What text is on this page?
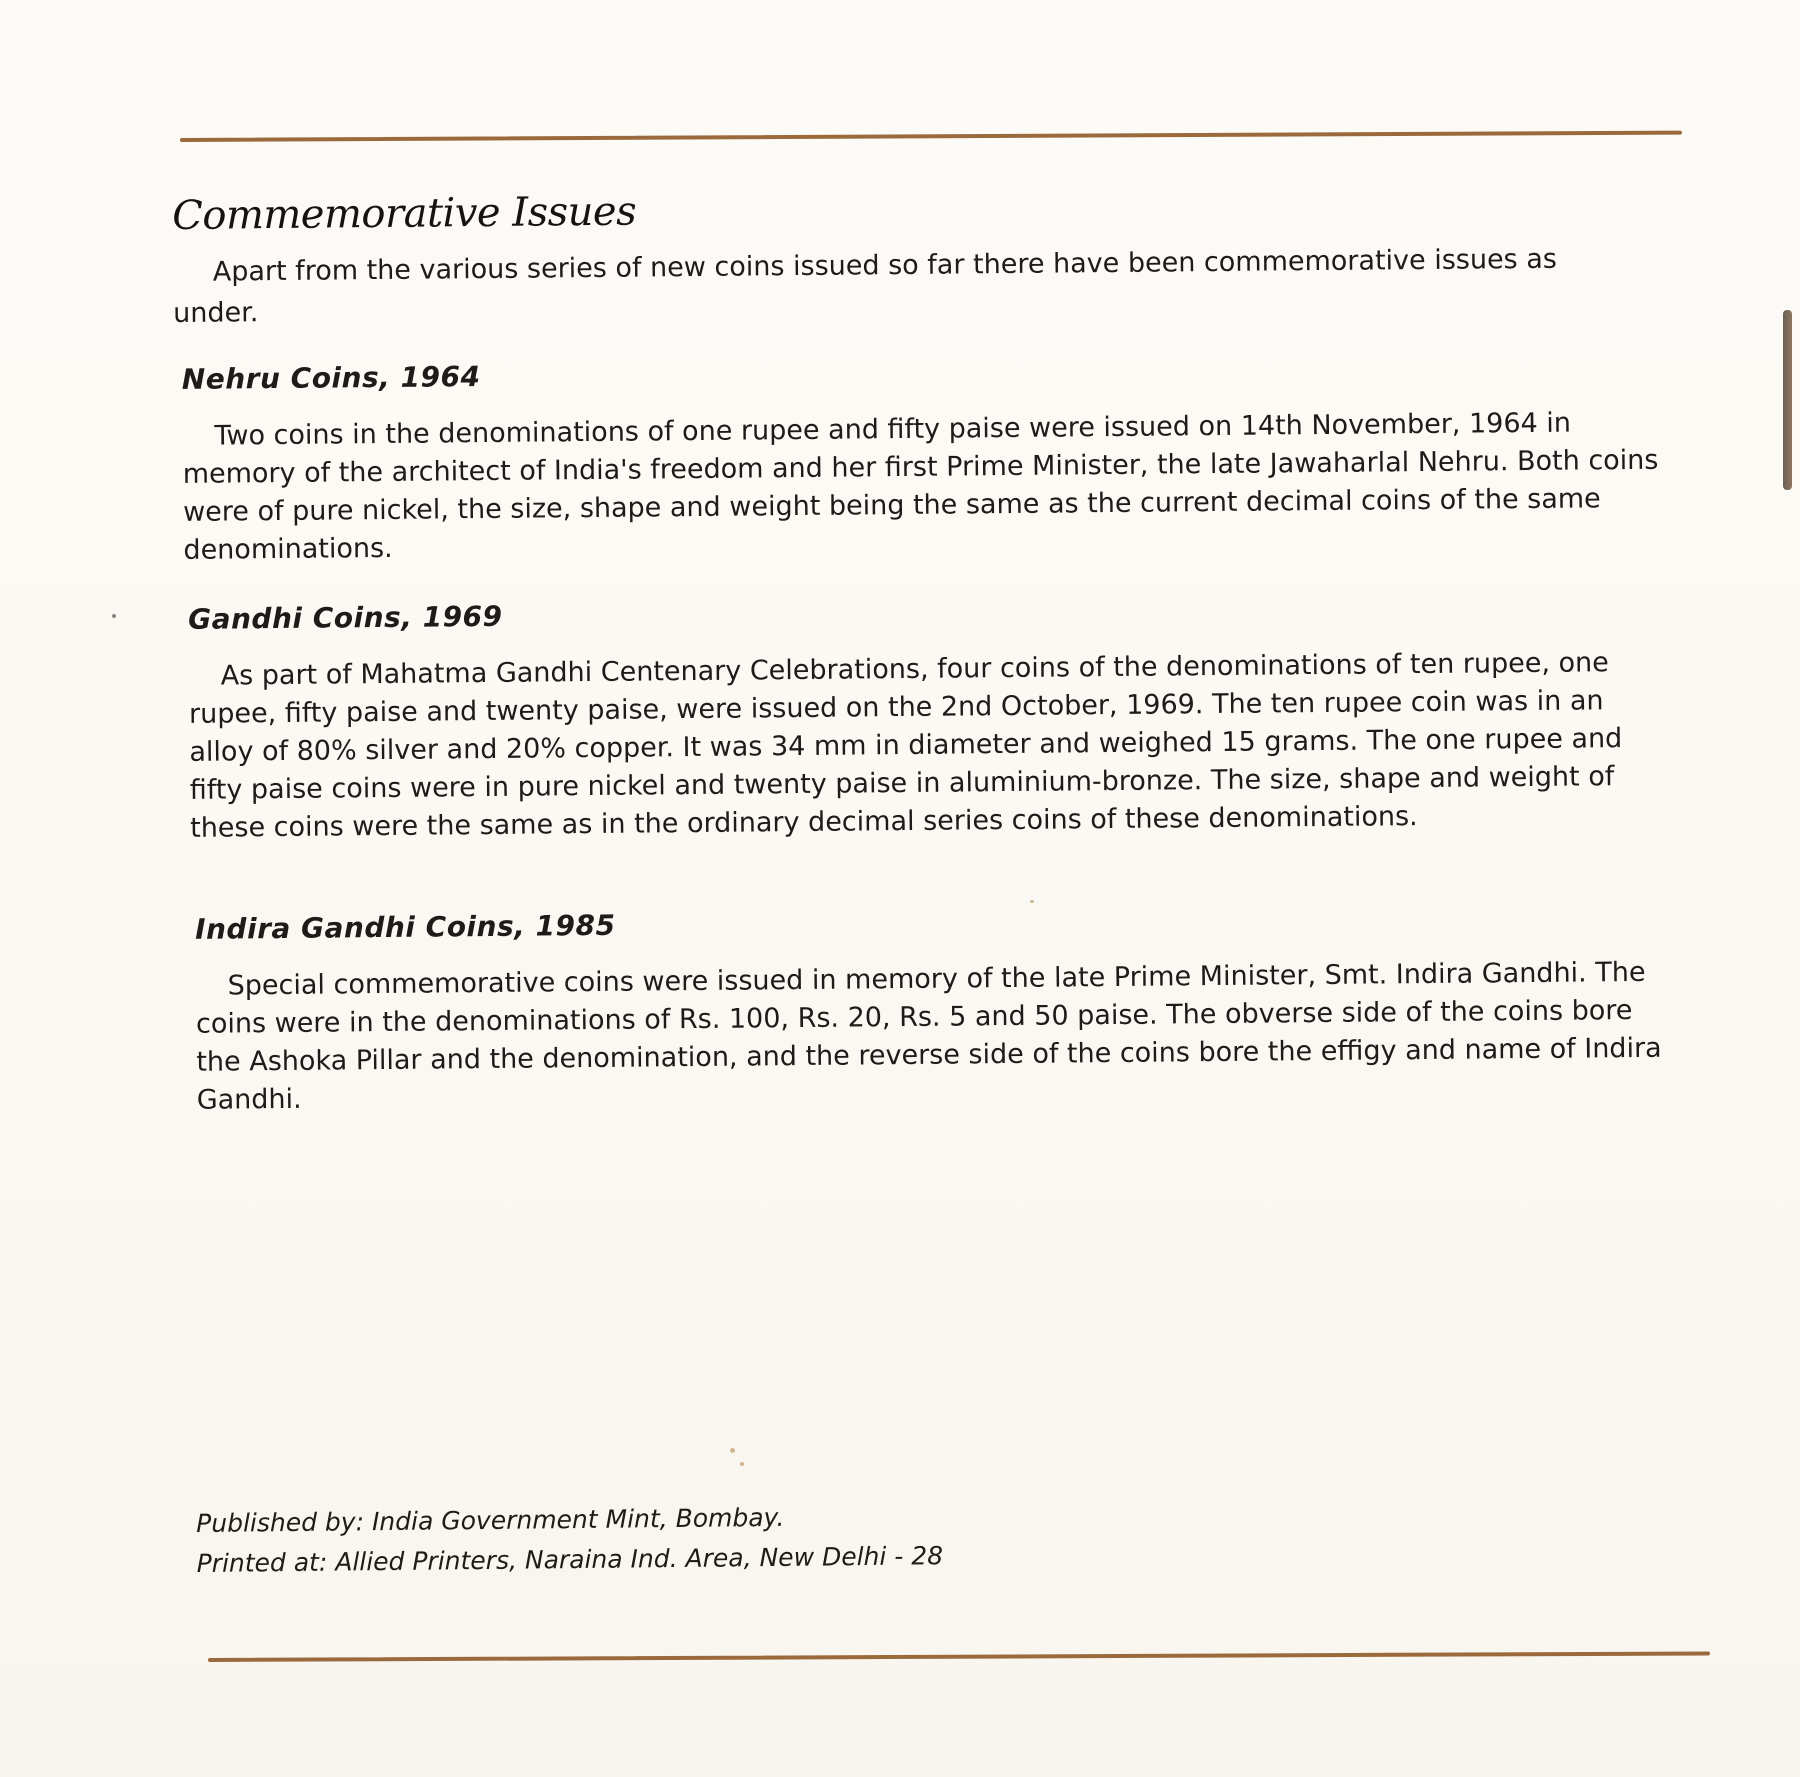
Commemorative Issues

Apart from the various series of new coins issued so far there have been commemorative issues as under.

Nehru Coins, 1964

Two coins in the denominations of one rupee and fifty paise were issued on 14th November, 1964 in memory of the architect of India's freedom and her first Prime Minister, the late Jawaharlal Nehru. Both coins were of pure nickel, the size, shape and weight being the same as the current decimal coins of the same denominations.

Gandhi Coins, 1969

As part of Mahatma Gandhi Centenary Celebrations, four coins of the denominations of ten rupee, one rupee, fifty paise and twenty paise, were issued on the 2nd October, 1969. The ten rupee coin was in an alloy of 80% silver and 20% copper. It was 34 mm in diameter and weighed 15 grams. The one rupee and fifty paise coins were in pure nickel and twenty paise in aluminium-bronze. The size, shape and weight of these coins were the same as in the ordinary decimal series coins of these denominations.

Indira Gandhi Coins, 1985

Special commemorative coins were issued in memory of the late Prime Minister, Smt. Indira Gandhi. The coins were in the denominations of Rs. 100, Rs. 20, Rs. 5 and 50 paise. The obverse side of the coins bore the Ashoka Pillar and the denomination, and the reverse side of the coins bore the effigy and name of Indira Gandhi.

Published by: India Government Mint, Bombay.
Printed at: Allied Printers, Naraina Ind. Area, New Delhi - 28
